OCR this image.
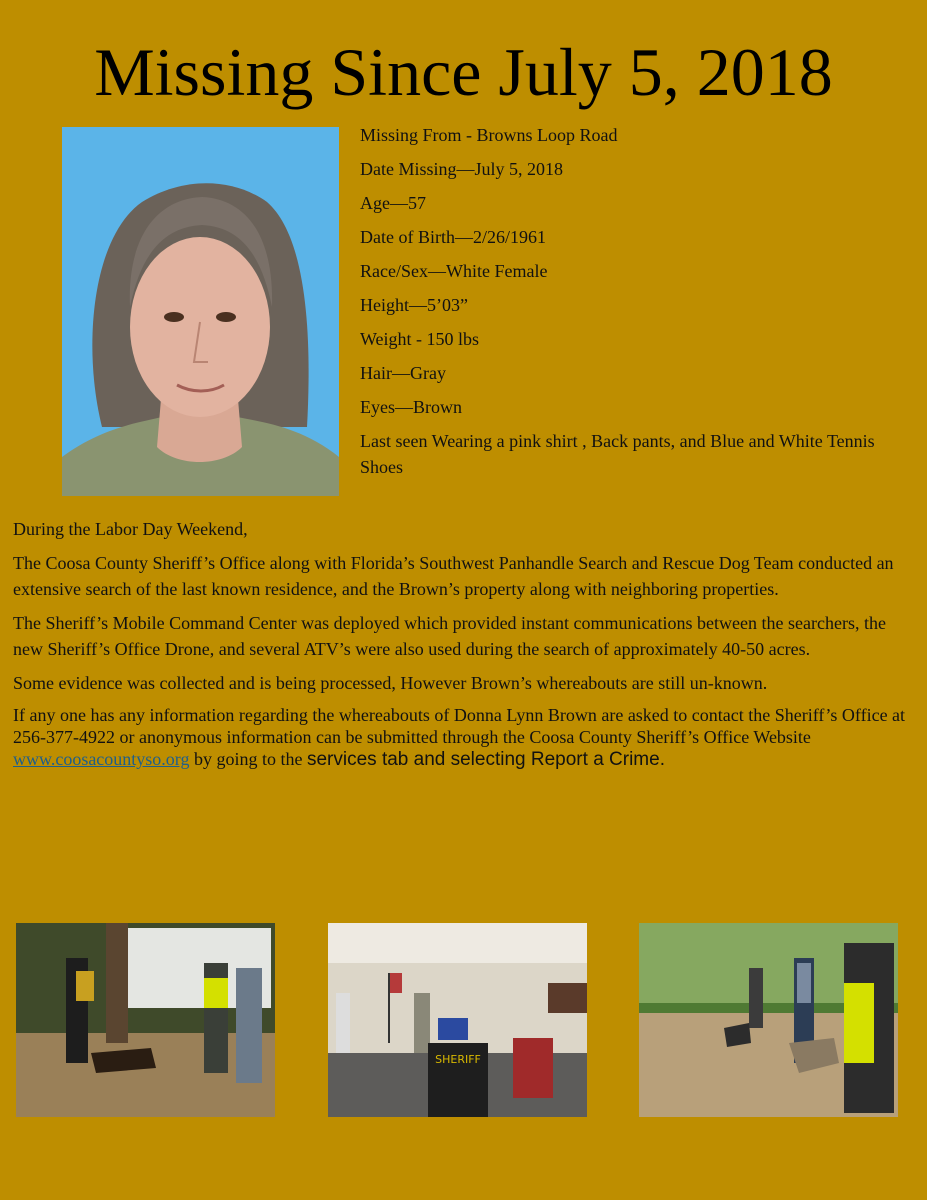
Missing Since July 5, 2018
Missing From - Browns Loop Road
Date Missing—July 5, 2018
Age—57
Date of Birth—2/26/1961
Race/Sex—White Female
Height—5’03”
Weight - 150 lbs
Hair—Gray
Eyes—Brown
Last seen Wearing a pink shirt , Back pants, and Blue and White Tennis Shoes

During the Labor Day Weekend,

The Coosa County Sheriff’s Office along with Florida’s Southwest Panhandle Search and Rescue Dog Team conducted an extensive search of the last known residence, and the Brown’s property along with neighboring properties.

The Sheriff’s Mobile Command Center was deployed which provided instant communications between the searchers, the new Sheriff’s Office Drone, and several ATV’s were also used during the search of approximately 40-50 acres.

Some evidence was collected and is being processed, However Brown’s whereabouts are still un-known.

If any one has any information regarding the whereabouts of Donna Lynn Brown are asked to contact the Sheriff’s Office at 256-377-4922 or anonymous information can be submitted through the Coosa County Sheriff’s Office Website www.coosacountyso.org by going to the services tab and selecting Report a Crime.

SHERIFF
